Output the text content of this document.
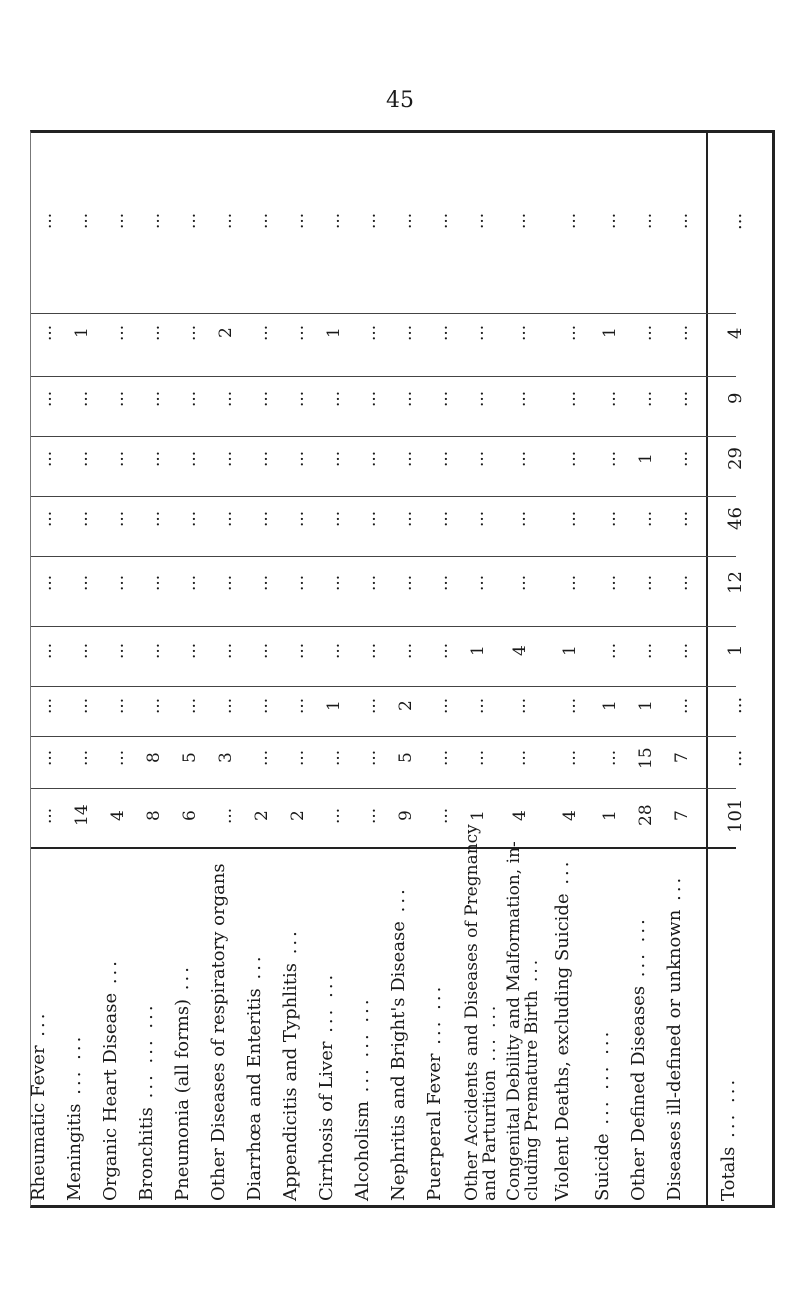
45
...
...
...
...
...
...
...
...
...
...
Rheumatic Fever ...
...
1
...
...
...
...
...
...
...
14
Meningitis ... ...
...
...
...
...
...
...
...
...
...
4
Organic Heart Disease ...
...
...
...
...
...
...
...
...
8
8
Bronchitis ... ... ...
...
...
...
...
...
...
...
...
5
6
Pneumonia (all forms) ...
...
2
...
...
...
...
...
...
3
...
Other Diseases of respiratory organs
...
...
...
...
...
...
...
...
...
2
Diarrhœa and Enteritis ...
...
...
...
...
...
...
...
...
...
2
Appendicitis and Typhlitis ...
...
1
...
...
...
...
...
1
...
...
Cirrhosis of Liver ... ...
...
...
...
...
...
...
...
...
...
...
Alcoholism ... ... ...
...
...
...
...
...
...
...
2
5
9
Nephritis and Bright's Disease ...
...
...
...
...
...
...
...
...
...
...
Puerperal Fever ... ...
...
...
...
...
...
...
1
...
...
1
Other Accidents and Diseases of Pregnancy
and Parturition ... ...
...
...
...
...
...
...
4
...
...
4
Congenital Debility and Malformation, in-
cluding Premature Birth ...
...
...
...
...
...
...
1
...
...
4
Violent Deaths, excluding Suicide ...
...
1
...
...
...
...
...
1
...
1
Suicide ... ... ...
...
...
...
1
...
...
...
1
15
28
Other Defined Diseases ... ...
...
...
...
...
...
...
...
...
7
7
Diseases ill-defined or unknown ...
...
4
9
29
46
12
1
...
...
101
Totals ... ...
